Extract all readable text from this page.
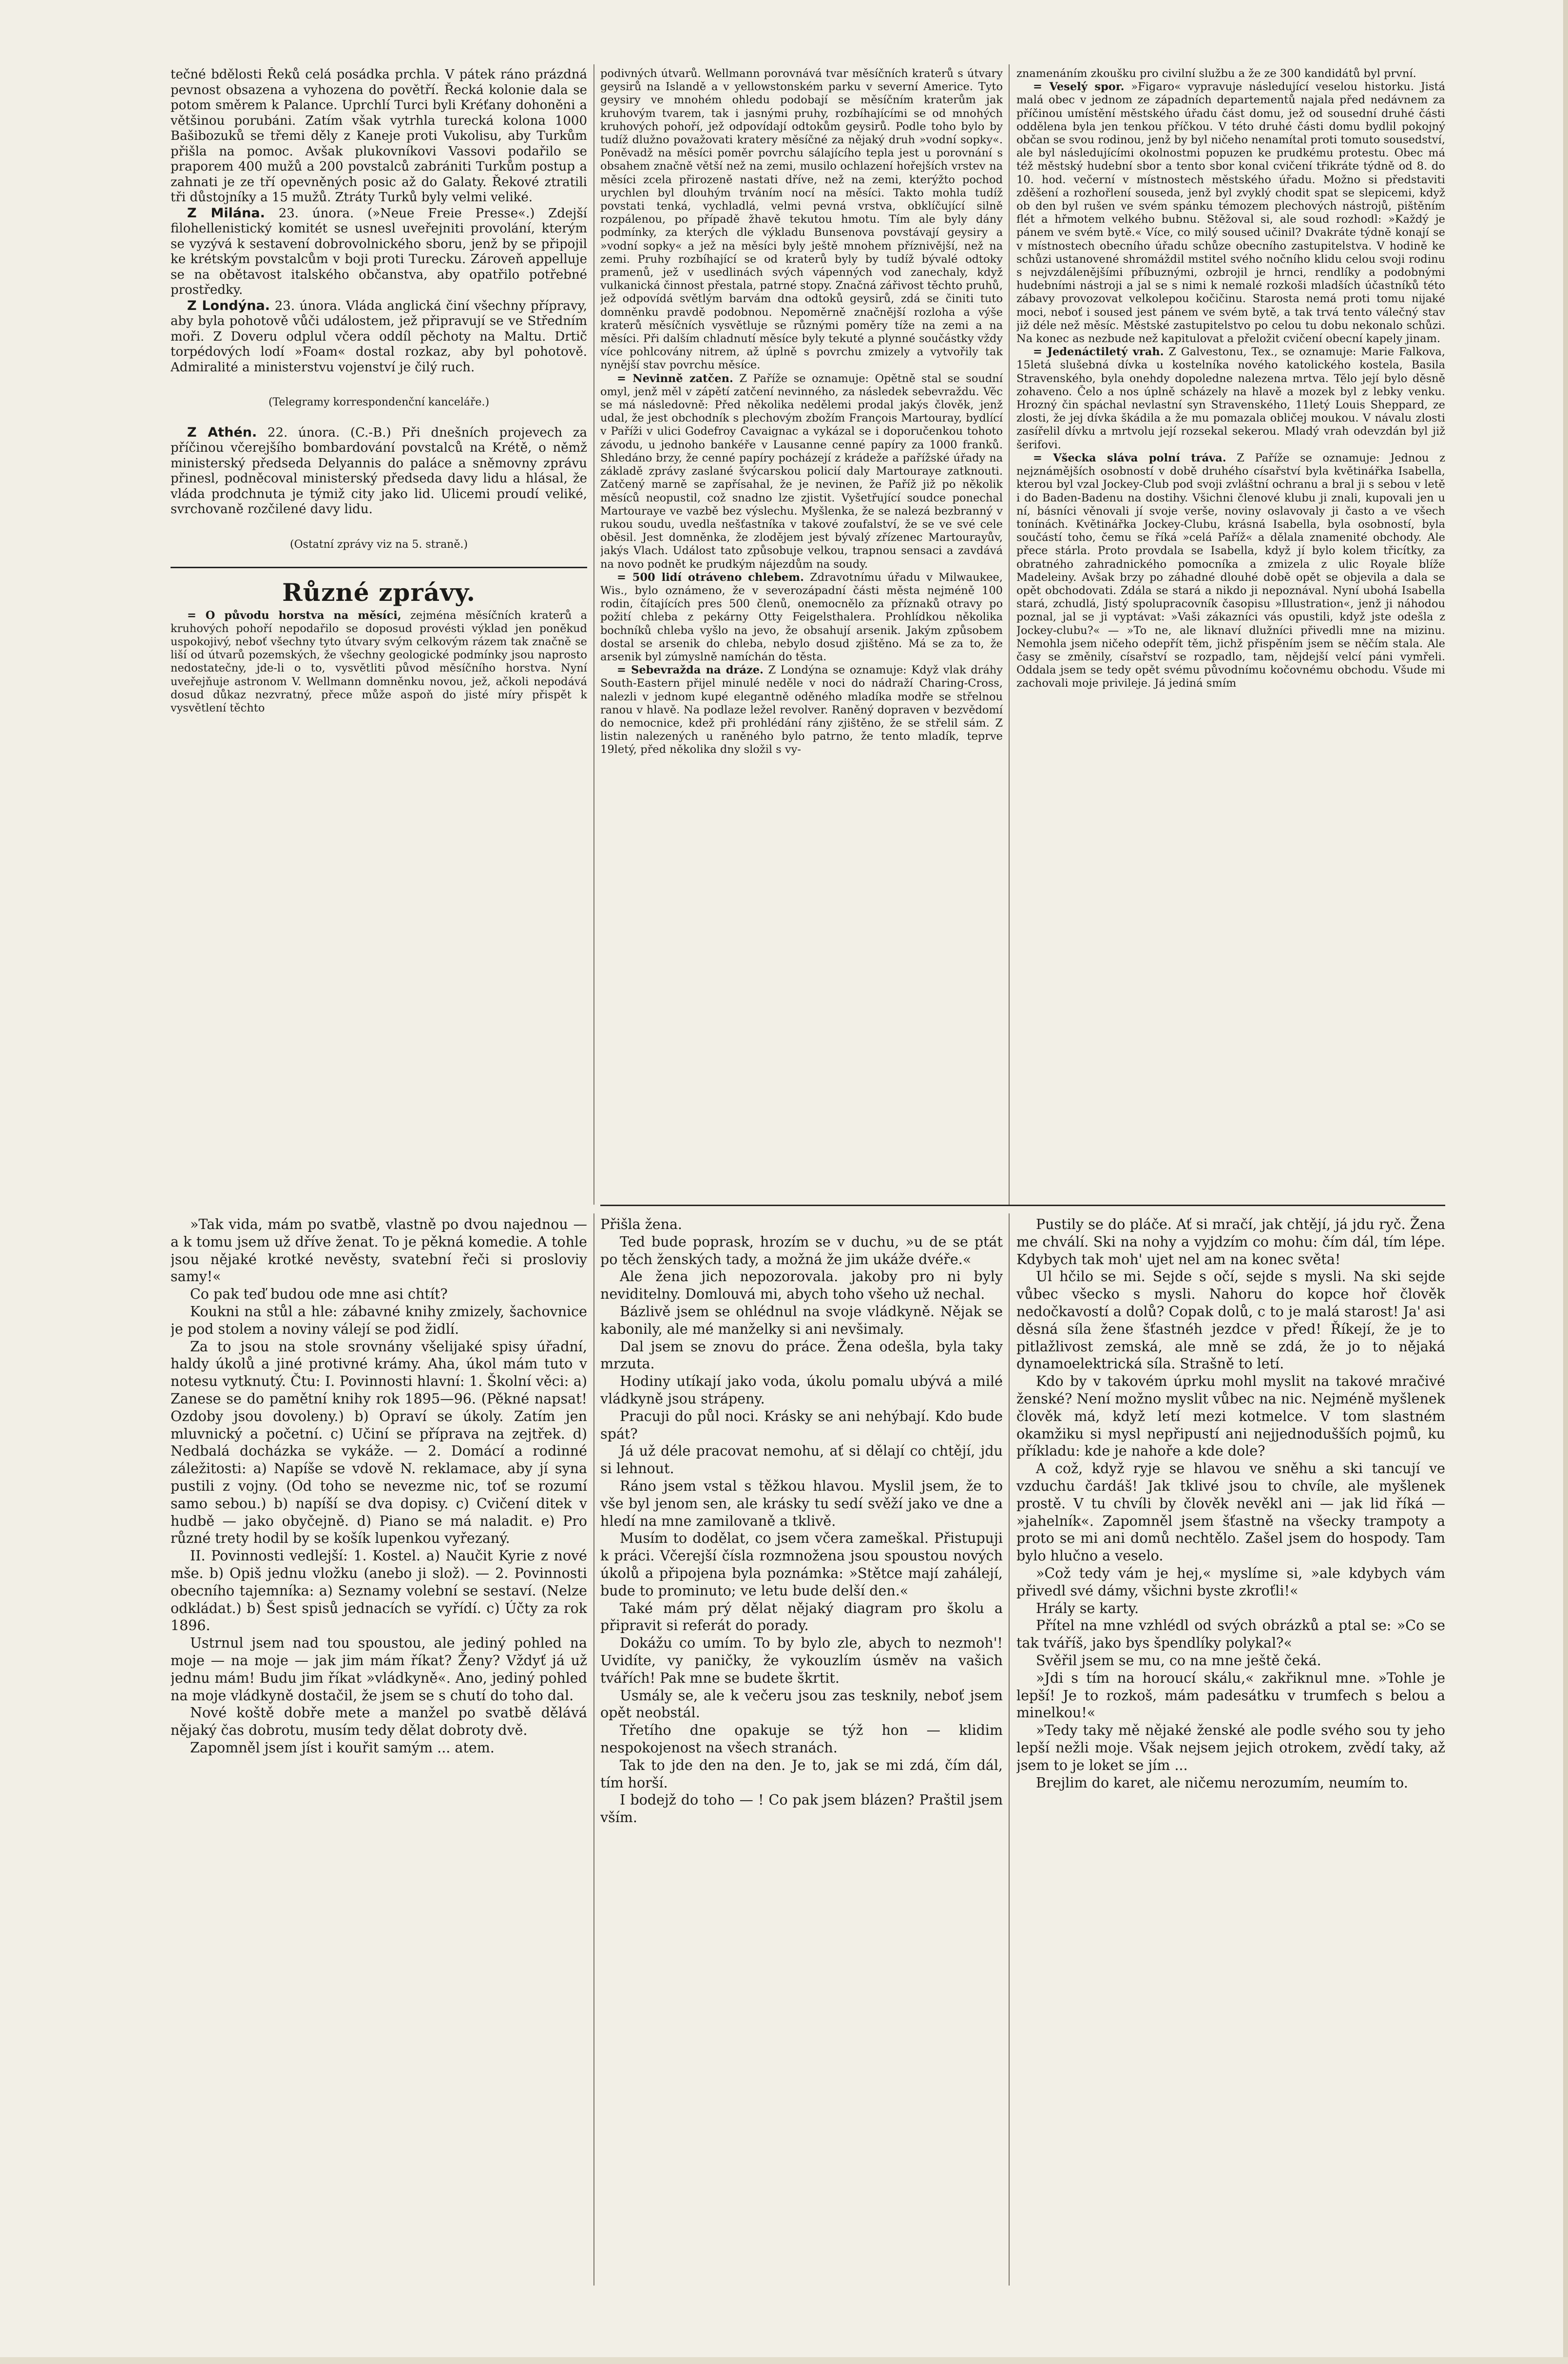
tečné bdělosti Řeků celá posádka prchla. V pátek ráno prázdná pevnost obsazena a vyhozena do povětří. Řecká kolonie dala se potom směrem k Palance. Uprchlí Turci byli Kréťany dohoněni a většinou porubáni. Zatím však vytrhla turecká kolona 1000 Bašibozuků se třemi děly z Kaneje proti Vukolisu, aby Turkům přišla na pomoc. Avšak plukovníkovi Vassovi podařilo se praporem 400 mužů a 200 povstalců zabrániti Turkům postup a zahnati je ze tří opevněných posic až do Galaty. Řekové ztratili tři důstojníky a 15 mužů. Ztráty Turků byly velmi veliké.

Z Milána. 23. února. (»Neue Freie Presse«.) Zdejší filohellenistický komitét se usnesl uveřejniti provolání, kterým se vyzývá k sestavení dobrovolnického sboru, jenž by se připojil ke krétským povstalcům v boji proti Turecku. Zároveň appelluje se na obětavost italského občanstva, aby opatřilo potřebné prostředky.

Z Londýna. 23. února. Vláda anglická činí všechny přípravy, aby byla pohotově vůči událostem, jež připravují se ve Středním moři. Z Doveru odplul včera oddíl pěchoty na Maltu. Drtič torpédových lodí »Foam« dostal rozkaz, aby byl pohotově. Admiralité a ministerstvu vojenství je čilý ruch.

(Telegramy korrespondenční kanceláře.)

Z Athén. 22. února. (C.-B.) Při dnešních projevech za příčinou včerejšího bombardování povstalců na Krétě, o němž ministerský předseda Delyannis do paláce a sněmovny zprávu přinesl, podněcoval ministerský předseda davy lidu a hlásal, že vláda prodchnuta je týmiž city jako lid. Ulicemi proudí veliké, svrchovaně rozčilené davy lidu.

(Ostatní zprávy viz na 5. straně.)
Různé zprávy.

= O původu horstva na měsíci, zejména měsíčních kraterů a kruhových pohoří nepodařilo se doposud provésti výklad jen poněkud uspokojivý, neboť všechny tyto útvary svým celkovým rázem tak značně se liší od útvarů pozemských, že všechny geologické podmínky jsou naprosto nedostatečny, jde-li o to, vysvětliti původ měsíčního horstva. Nyní uveřejňuje astronom V. Wellmann domněnku novou, jež, ačkoli nepodává dosud důkaz nezvratný, přece může aspoň do jisté míry přispět k vysvětlení těchto

podivných útvarů. Wellmann porovnává tvar měsíčních kraterů s útvary geysirů na Islandě a v yellowstonském parku v severní Americe. Tyto geysiry ve mnohém ohledu podobají se měsíčním kraterům jak kruhovým tvarem, tak i jasnými pruhy, rozbíhajícími se od mnohých kruhových pohoří, jež odpovídají odtokům geysirů. Podle toho bylo by tudíž dlužno považovati kratery měsíčné za nějaký druh »vodní sopky«. Poněvadž na měsíci poměr povrchu sálajícího tepla jest u porovnání s obsahem značně větší než na zemi, musilo ochlazení hořejších vrstev na měsíci zcela přirozeně nastati dříve, než na zemi, kterýžto pochod urychlen byl dlouhým trváním nocí na měsíci. Takto mohla tudíž povstati tenká, vychladlá, velmi pevná vrstva, obklíčující silně rozpálenou, po případě žhavě tekutou hmotu. Tím ale byly dány podmínky, za kterých dle výkladu Bunsenova povstávají geysiry a »vodní sopky« a jež na měsíci byly ještě mnohem příznivější, než na zemi. Pruhy rozbíhající se od kraterů byly by tudíž bývalé odtoky pramenů, jež v usedlinách svých vápenných vod zanechaly, když vulkanická činnost přestala, patrné stopy. Značná zářivost těchto pruhů, jež odpovídá světlým barvám dna odtoků geysirů, zdá se činiti tuto domněnku pravdě podobnou. Nepoměrně značnější rozloha a výše kraterů měsíčních vysvětluje se různými poměry tíže na zemi a na měsíci. Při dalším chladnutí měsíce byly tekuté a plynné součástky vždy více pohlcovány nitrem, až úplně s povrchu zmizely a vytvořily tak nynější stav povrchu měsíce.

= Nevinně zatčen. Z Paříže se oznamuje: Opětně stal se soudní omyl, jenž měl v zápětí zatčení nevinného, za následek sebevraždu. Věc se má následovně: Před několika nedělemi prodal jakýs člověk, jenž udal, že jest obchodník s plechovým zbožím François Martouray, bydlící v Paříži v ulici Godefroy Cavaignac a vykázal se i doporučenkou tohoto závodu, u jednoho bankéře v Lausanne cenné papíry za 1000 franků. Shledáno brzy, že cenné papíry pocházejí z krádeže a pařížské úřady na základě zprávy zaslané švýcarskou policií daly Martouraye zatknouti. Zatčený marně se zapřísahal, že je nevinen, že Paříž již po několik měsíců neopustil, což snadno lze zjistit. Vyšetřující soudce ponechal Martouraye ve vazbě bez výslechu. Myšlenka, že se nalezá bezbranný v rukou soudu, uvedla nešťastníka v takové zoufalství, že se ve své cele oběsil. Jest domněnka, že zlodějem jest bývalý zřízenec Martourayův, jakýs Vlach. Událost tato způsobuje velkou, trapnou sensaci a zavdává na novo podnět ke prudkým nájezdům na soudy.

= 500 lidí otráveno chlebem. Zdravotnímu úřadu v Milwaukee, Wis., bylo oznámeno, že v severozápadní části města nejméně 100 rodin, čítajících pres 500 členů, onemocnělo za příznaků otravy po požití chleba z pekárny Otty Feigelsthalera. Prohlídkou několika bochníků chleba vyšlo na jevo, že obsahují arsenik. Jakým způsobem dostal se arsenik do chleba, nebylo dosud zjištěno. Má se za to, že arsenik byl zúmyslně namíchán do těsta.

= Sebevražda na dráze. Z Londýna se oznamuje: Když vlak dráhy South-Eastern přijel minulé neděle v noci do nádraží Charing-Cross, nalezli v jednom kupé elegantně oděného mladíka modře se střelnou ranou v hlavě. Na podlaze ležel revolver. Raněný dopraven v bezvědomí do nemocnice, kdež při prohlédání rány zjištěno, že se střelil sám. Z listin nalezených u raněného bylo patrno, že tento mladík, teprve 19letý, před několika dny složil s vy-

znamenáním zkoušku pro civilní službu a že ze 300 kandidátů byl první.

= Veselý spor. »Figaro« vypravuje následující veselou historku. Jistá malá obec v jednom ze západních departementů najala před nedávnem za příčinou umístění městského úřadu část domu, jež od sousední druhé části oddělena byla jen tenkou příčkou. V této druhé části domu bydlil pokojný občan se svou rodinou, jenž by byl ničeho nenamítal proti tomuto sousedství, ale byl následujícími okolnostmi popuzen ke prudkému protestu. Obec má též městský hudební sbor a tento sbor konal cvičení třikráte týdně od 8. do 10. hod. večerní v místnostech městského úřadu. Možno si představiti zděšení a rozhořlení souseda, jenž byl zvyklý chodit spat se slepicemi, když ob den byl rušen ve svém spánku témozem plechových nástrojů, pištěním flét a hřmotem velkého bubnu. Stěžoval si, ale soud rozhodl: »Každý je pánem ve svém bytě.« Více, co milý soused učinil? Dvakráte týdně konají se v místnostech obecního úřadu schůze obecního zastupitelstva. V hodině ke schůzi ustanovené shromáždil mstitel svého nočního klidu celou svoji rodinu s nejvzdálenějšími příbuznými, ozbrojil je hrnci, rendlíky a podobnými hudebními nástroji a jal se s nimi k nemalé rozkoši mladších účastníků této zábavy provozovat velkolepou kočičinu. Starosta nemá proti tomu nijaké moci, neboť i soused jest pánem ve svém bytě, a tak trvá tento válečný stav již déle než měsíc. Městské zastupitelstvo po celou tu dobu nekonalo schůzi. Na konec as nezbude než kapitulovat a přeložit cvičení obecní kapely jinam.

= Jedenáctiletý vrah. Z Galvestonu, Tex., se oznamuje: Marie Falkova, 15letá slušebná dívka u kostelníka nového katolického kostela, Basila Stravenského, byla onehdy dopoledne nalezena mrtva. Tělo její bylo děsně zohaveno. Čelo a nos úplně scházely na hlavě a mozek byl z lebky venku. Hrozný čin spáchal nevlastní syn Stravenského, 11letý Louis Sheppard, ze zlosti, že jej dívka škádila a že mu pomazala obličej moukou. V návalu zlosti zasířelil dívku a mrtvolu její rozsekal sekerou. Mladý vrah odevzdán byl již šerifovi.

= Všecka sláva polní tráva. Z Paříže se oznamuje: Jednou z nejznámějších osobností v době druhého císařství byla květinářka Isabella, kterou byl vzal Jockey-Club pod svoji zvláštní ochranu a bral ji s sebou v letě i do Baden-Badenu na dostihy. Všichni členové klubu ji znali, kupovali jen u ní, básníci věnovali jí svoje verše, noviny oslavovaly ji často a ve všech tonínách. Květinářka Jockey-Clubu, krásná Isabella, byla osobností, byla součástí toho, čemu se říká »celá Paříž« a dělala znamenité obchody. Ale přece stárla. Proto provdala se Isabella, když jí bylo kolem třicítky, za obratného zahradnického pomocníka a zmizela z ulic Royale blíže Madeleiny. Avšak brzy po záhadné dlouhé době opět se objevila a dala se opět obchodovati. Zdála se stará a nikdo ji nepoznával. Nyní ubohá Isabella stará, zchudlá, Jistý spolupracovník časopisu »Illustration«, jenž ji náhodou poznal, jal se ji vyptávat: »Vaši zákazníci vás opustili, když jste odešla z Jockey-clubu?« — »To ne, ale liknaví dlužníci přivedli mne na mizinu. Nemohla jsem ničeho odepřít těm, jichž přispěním jsem se něčím stala. Ale časy se změnily, císařství se rozpadlo, tam, nějdejší velcí páni vymřeli. Oddala jsem se tedy opět svému původnímu kočovnému obchodu. Všude mi zachovali moje privileje. Já jediná smím

»Tak vida, mám po svatbě, vlastně po dvou najednou — a k tomu jsem už dříve ženat. To je pěkná komedie. A tohle jsou nějaké krotké nevěsty, svatební řeči si prosloviy samy!«

Co pak teď budou ode mne asi chtít?

Koukni na stůl a hle: zábavné knihy zmizely, šachovnice je pod stolem a noviny válejí se pod židlí.

Za to jsou na stole srovnány všelijaké spisy úřadní, haldy úkolů a jiné protivné krámy. Aha, úkol mám tuto v notesu vytknutý. Čtu: I. Povinnosti hlavní: 1. Školní věci: a) Zanese se do pamětní knihy rok 1895—96. (Pěkné napsat! Ozdoby jsou dovoleny.) b) Opraví se úkoly. Zatím jen mluvnický a početní. c) Učiní se příprava na zejtřek. d) Nedbalá docházka se vykáže. — 2. Domácí a rodinné záležitosti: a) Napíše se vdově N. reklamace, aby jí syna pustili z vojny. (Od toho se nevezme nic, toť se rozumí samo sebou.) b) napíší se dva dopisy. c) Cvičení ditek v hudbě — jako obyčejně. d) Piano se má naladit. e) Pro různé trety hodil by se košík lupenkou vyřezaný.

II. Povinnosti vedlejší: 1. Kostel. a) Naučit Kyrie z nové mše. b) Opiš jednu vložku (anebo ji slož). — 2. Povinnosti obecního tajemníka: a) Seznamy volební se sestaví. (Nelze odkládat.) b) Šest spisů jednacích se vyřídí. c) Účty za rok 1896.

Ustrnul jsem nad tou spoustou, ale jediný pohled na moje — na moje — jak jim mám říkat? Ženy? Vždyť já už jednu mám! Budu jim říkat »vládkyně«. Ano, jediný pohled na moje vládkyně dostačil, že jsem se s chutí do toho dal.

Nové koště dobře mete a manžel po svatbě dělává nějaký čas dobrotu, musím tedy dělat dobroty dvě.

Zapomněl jsem jíst i kouřit samým ... atem.

Přišla žena.

Ted bude poprask, hrozím se v duchu, »u de se ptát po těch ženských tady, a možná že jim ukáže dvéře.«

Ale žena jich nepozorovala. jakoby pro ni byly neviditelny. Domlouvá mi, abych toho všeho už nechal.

Bázlivě jsem se ohlédnul na svoje vládkyně. Nějak se kabonily, ale mé manželky si ani nevšimaly.

Dal jsem se znovu do práce. Žena odešla, byla taky mrzuta.

Hodiny utíkají jako voda, úkolu pomalu ubývá a milé vládkyně jsou strápeny.

Pracuji do půl noci. Krásky se ani nehýbají. Kdo bude spát?

Já už déle pracovat nemohu, ať si dělají co chtějí, jdu si lehnout.

Ráno jsem vstal s těžkou hlavou. Myslil jsem, že to vše byl jenom sen, ale krásky tu sedí svěží jako ve dne a hledí na mne zamilovaně a tklivě.

Musím to dodělat, co jsem včera zameškal. Přistupuji k práci. Včerejší čísla rozmnožena jsou spoustou nových úkolů a připojena byla poznámka: »Stětce mají zahálejí, bude to prominuto; ve letu bude delší den.«

Také mám prý dělat nějaký diagram pro školu a připravit si referát do porady.

Dokážu co umím. To by bylo zle, abych to nezmoh'! Uvidíte, vy paničky, že vykouzlím úsměv na vašich tvářích! Pak mne se budete škrtit.

Usmály se, ale k večeru jsou zas tesknily, neboť jsem opět neobstál.

Třetího dne opakuje se týž hon — klidim nespokojenost na všech stranách.

Tak to jde den na den. Je to, jak se mi zdá, čím dál, tím horší.

I bodejž do toho — ! Co pak jsem blázen? Praštil jsem vším.

Pustily se do pláče. Ať si mračí, jak chtějí, já jdu ryč. Žena me chválí. Ski na nohy a vyjdzím co mohu: čím dál, tím lépe. Kdybych tak moh' ujet nel am na konec světa!

Ul hčilo se mi. Sejde s očí, sejde s mysli. Na ski sejde vůbec všecko s mysli. Nahoru do kopce hoř člověk nedočkavostí a dolů? Copak dolů, c to je malá starost! Ja' asi děsná síla žene šťastnéh jezdce v před! Říkejí, že je to pitlažlivost zemská, ale mně se zdá, že jo to nějaká dynamoelektrická síla. Strašně to letí.

Kdo by v takovém úprku mohl myslit na takové mračivé ženské? Není možno myslit vůbec na nic. Nejméně myšlenek člověk má, když letí mezi kotmelce. V tom slastném okamžiku si mysl nepřipustí ani nejjednodušších pojmů, ku příkladu: kde je nahoře a kde dole?

A což, když ryje se hlavou ve sněhu a ski tancují ve vzduchu čardáš! Jak tklivé jsou to chvíle, ale myšlenek prostě. V tu chvíli by člověk nevěkl ani — jak lid říká — »jahelník«. Zapomněl jsem šťastně na všecky trampoty a proto se mi ani domů nechtělo. Zašel jsem do hospody. Tam bylo hlučno a veselo.

»Což tedy vám je hej,« myslíme si, »ale kdybych vám přivedl své dámy, všichni byste zkroťli!«

Hrály se karty.

Přítel na mne vzhlédl od svých obrázků a ptal se: »Co se tak tváříš, jako bys špendlíky polykal?«

Svěřil jsem se mu, co na mne ještě čeká.

»Jdi s tím na horoucí skálu,« zakřiknul mne. »Tohle je lepší! Je to rozkoš, mám padesátku v trumfech s belou a minelkou!«

»Tedy taky mě nějaké ženské ale podle svého sou ty jeho lepší nežli moje. Však nejsem jejich otrokem, zvědí taky, až jsem to je loket se jím ...

Brejlim do karet, ale ničemu nerozumím, neumím to.
